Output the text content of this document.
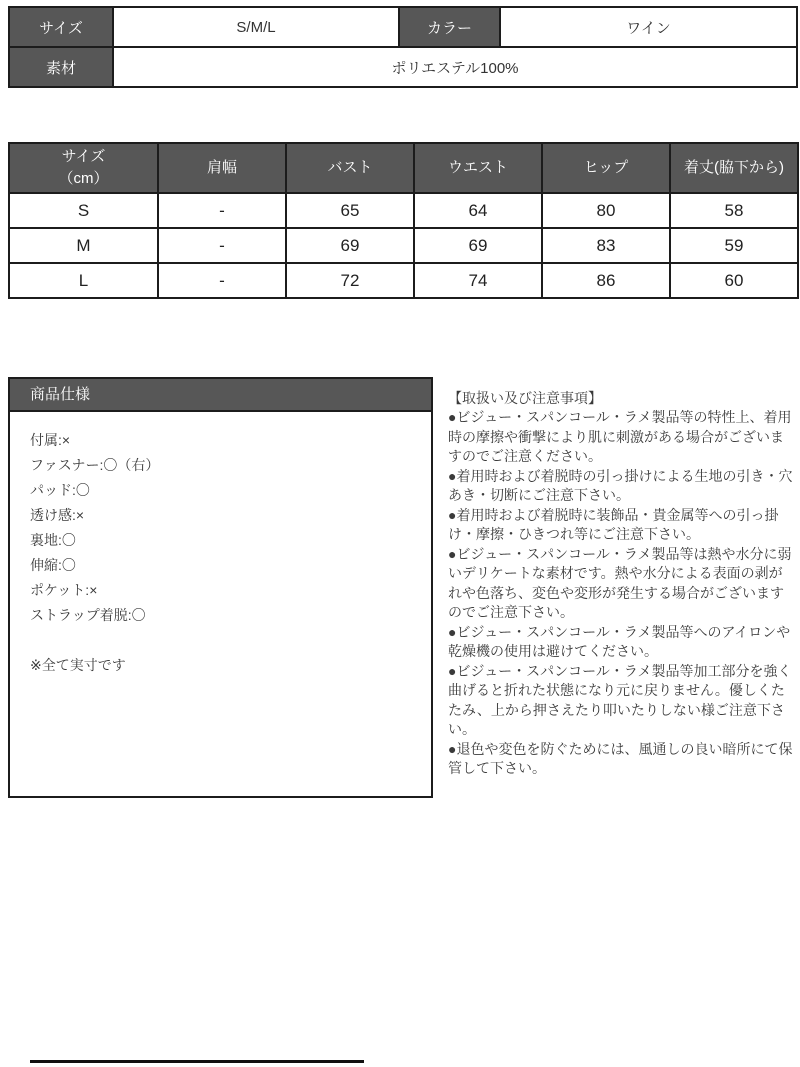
サイズ	S/M/L	カラー	ワイン
素材	ポリエステル100%		
サイズ
（cm）	肩幅	バスト	ウエスト	ヒップ	着丈(脇下から)
S	-	65	64	80	58
M	-	69	69	83	59
L	-	72	74	86	60
商品仕様
付属:×
ファスナー:〇（右）
パッド:〇
透け感:×
裏地:〇
伸縮:〇
ポケット:×
ストラップ着脱:〇
※全て実寸です
【取扱い及び注意事項】
●ビジュー・スパンコール・ラメ製品等の特性上、着用時の摩擦や衝撃により肌に刺激がある場合がございますのでご注意ください。
●着用時および着脱時の引っ掛けによる生地の引き・穴あき・切断にご注意下さい。
●着用時および着脱時に装飾品・貴金属等への引っ掛け・摩擦・ひきつれ等にご注意下さい。
●ビジュー・スパンコール・ラメ製品等は熱や水分に弱いデリケートな素材です。熱や水分による表面の剥がれや色落ち、変色や変形が発生する場合がございますのでご注意下さい。
●ビジュー・スパンコール・ラメ製品等へのアイロンや乾燥機の使用は避けてください。
●ビジュー・スパンコール・ラメ製品等加工部分を強く曲げると折れた状態になり元に戻りません。優しくたたみ、上から押さえたり叩いたりしない様ご注意下さい。
●退色や変色を防ぐためには、風通しの良い暗所にて保管して下さい。
